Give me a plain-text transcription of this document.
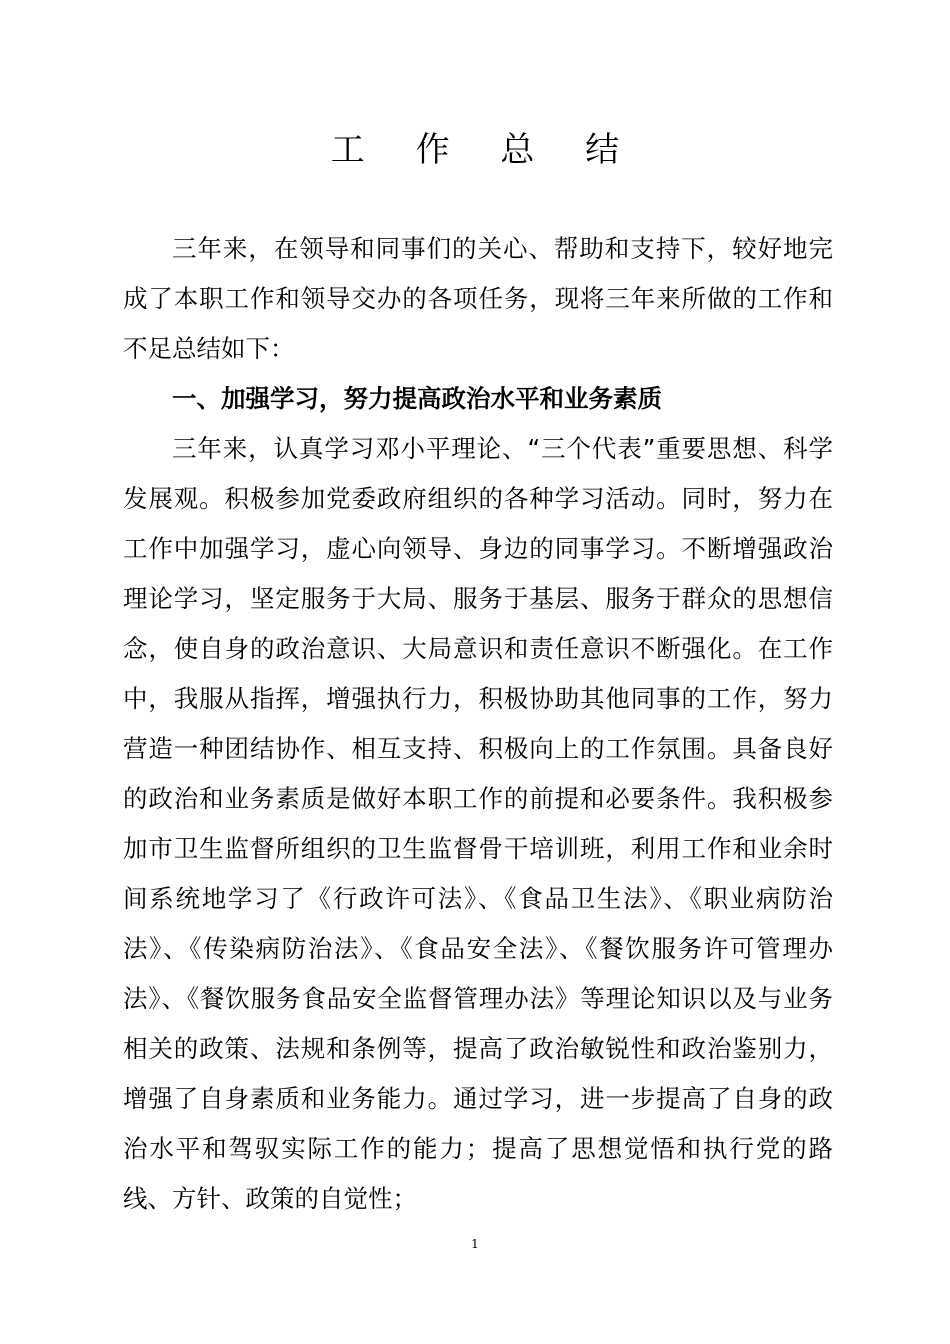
工 作 总 结

三年来，在领导和同事们的关心、帮助和支持下，较好地完成了本职工作和领导交办的各项任务，现将三年来所做的工作和不足总结如下：

一、加强学习，努力提高政治水平和业务素质

三年来，认真学习邓小平理论、“三个代表”重要思想、科学发展观。积极参加党委政府组织的各种学习活动。同时，努力在工作中加强学习，虚心向领导、身边的同事学习。不断增强政治理论学习，坚定服务于大局、服务于基层、服务于群众的思想信念，使自身的政治意识、大局意识和责任意识不断强化。在工作中，我服从指挥，增强执行力，积极协助其他同事的工作，努力营造一种团结协作、相互支持、积极向上的工作氛围。具备良好的政治和业务素质是做好本职工作的前提和必要条件。我积极参加市卫生监督所组织的卫生监督骨干培训班，利用工作和业余时间系统地学习了《行政许可法》、《食品卫生法》、《职业病防治法》、《传染病防治法》、《食品安全法》、《餐饮服务许可管理办法》、《餐饮服务食品安全监督管理办法》等理论知识以及与业务相关的政策、法规和条例等，提高了政治敏锐性和政治鉴别力，增强了自身素质和业务能力。通过学习，进一步提高了自身的政治水平和驾驭实际工作的能力；提高了思想觉悟和执行党的路线、方针、政策的自觉性；

1
